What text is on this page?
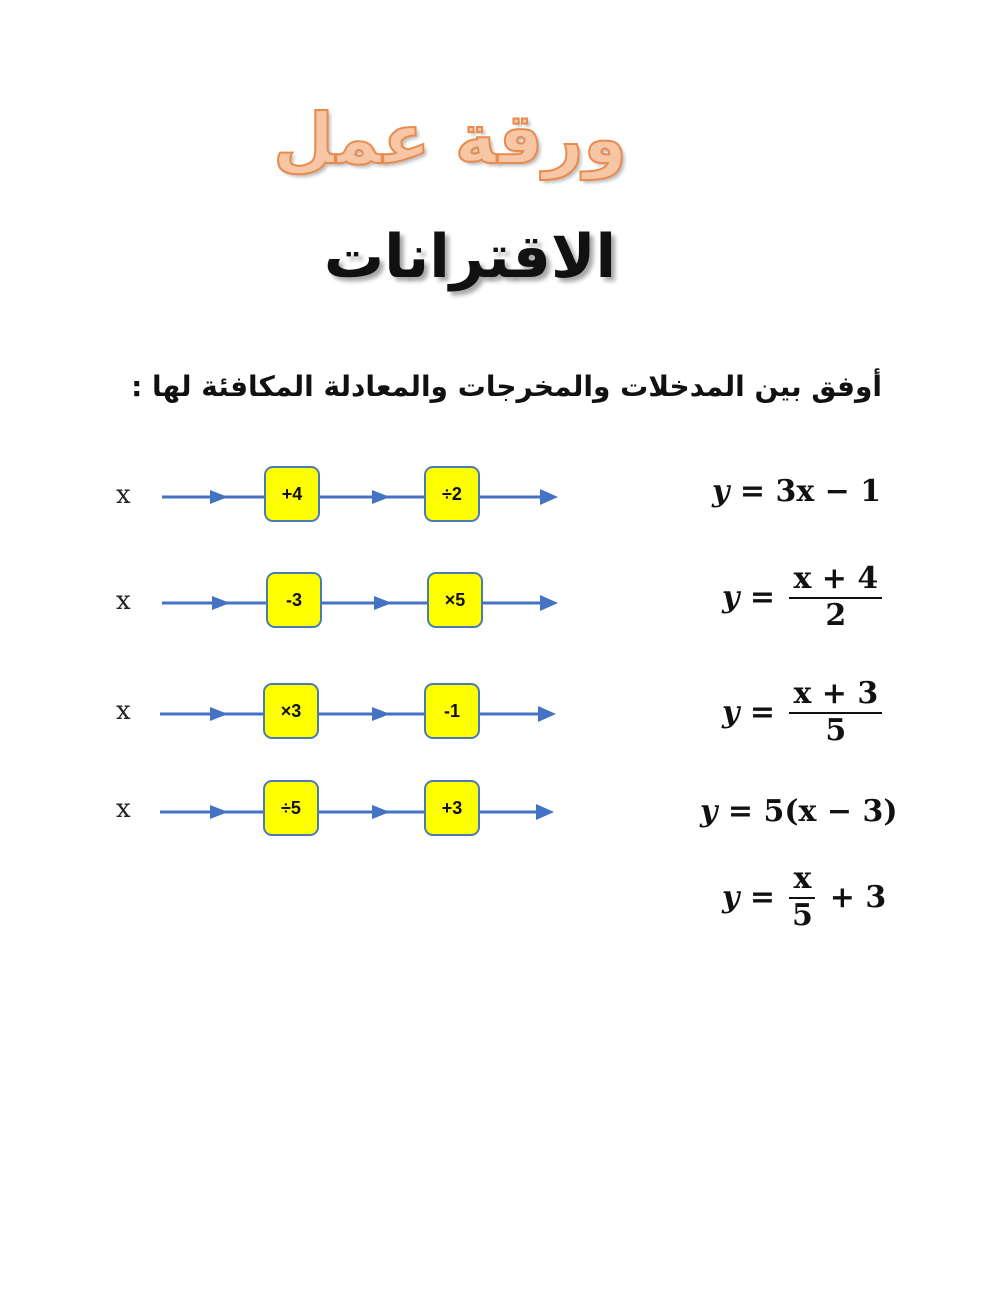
ورقة عمل
الاقترانات
أوفق بين المدخلات والمخرجات والمعادلة المكافئة لها :
x	+4	÷2
x	-3	×5
x	×3	-1
x	÷5	+3
y = 3x − 1
$y = \frac{x + 4}{2}$
$y = \frac{x + 3}{5}$
y = 5(x − 3)
$y = \frac{x}{5} + 3$
